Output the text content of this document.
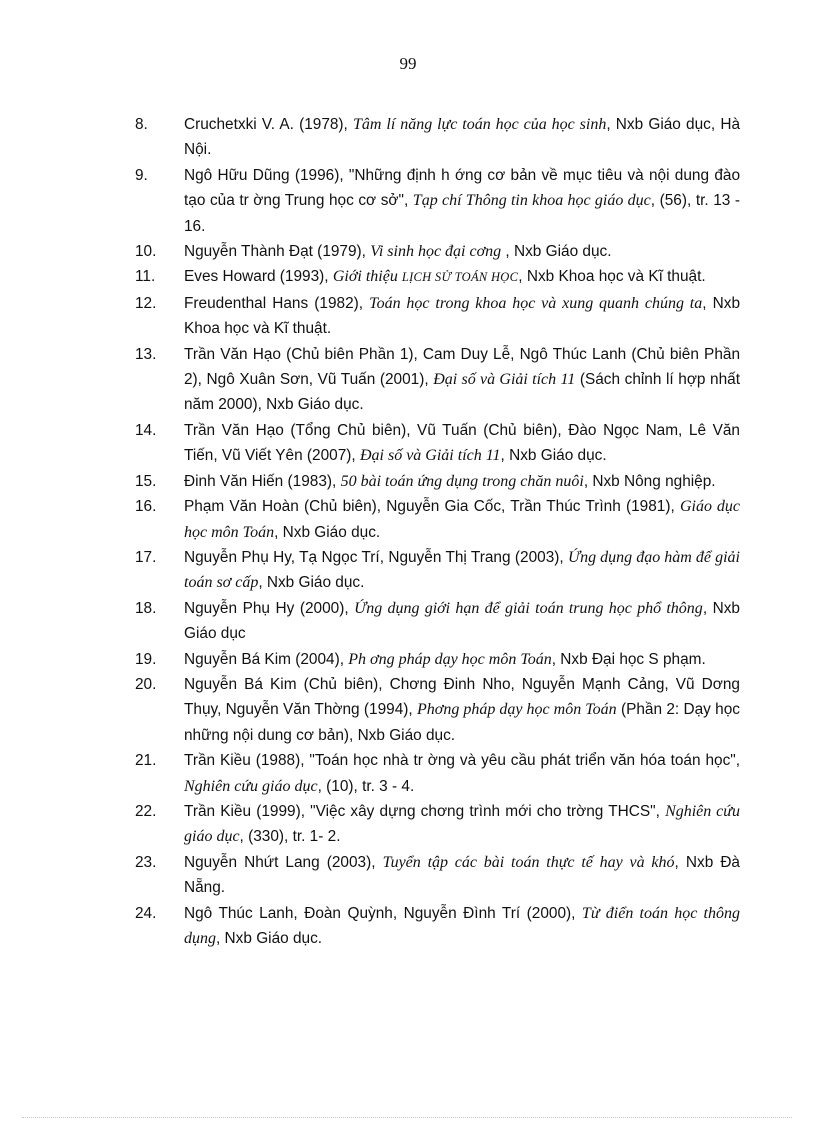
99

8. Cruchetxki V. A. (1978), Tâm lí năng lực toán học của học sinh, Nxb Giáo dục, Hà Nội.

9. Ngô Hữu Dũng (1996), "Những định h ớng cơ bản về mục tiêu và nội dung đào tạo của tr ờng Trung học cơ sở", Tạp chí Thông tin khoa học giáo dục, (56), tr. 13 - 16.

10. Nguyễn Thành Đạt (1979), Vi sinh học đại cơng , Nxb Giáo dục.

11. Eves Howard (1993), Giới thiệu LỊCH SỬ TOÁN HỌC, Nxb Khoa học và Kĩ thuật.

12. Freudenthal Hans (1982), Toán học trong khoa học và xung quanh chúng ta, Nxb Khoa học và Kĩ thuật.

13. Trần Văn Hạo (Chủ biên Phần 1), Cam Duy Lễ, Ngô Thúc Lanh (Chủ biên Phần 2), Ngô Xuân Sơn, Vũ Tuấn (2001), Đại số và Giải tích 11 (Sách chỉnh lí hợp nhất năm 2000), Nxb Giáo dục.

14. Trần Văn Hạo (Tổng Chủ biên), Vũ Tuấn (Chủ biên), Đào Ngọc Nam, Lê Văn Tiến, Vũ Viết Yên (2007), Đại số và Giải tích 11, Nxb Giáo dục.

15. Đinh Văn Hiến (1983), 50 bài toán ứng dụng trong chăn nuôi, Nxb Nông nghiệp.

16. Phạm Văn Hoàn (Chủ biên), Nguyễn Gia Cốc, Trần Thúc Trình (1981), Giáo dục học môn Toán, Nxb Giáo dục.

17. Nguyễn Phụ Hy, Tạ Ngọc Trí, Nguyễn Thị Trang (2003), Ứng dụng đạo hàm để giải toán sơ cấp, Nxb Giáo dục.

18. Nguyễn Phụ Hy (2000), Ứng dụng giới hạn để giải toán trung học phổ thông, Nxb Giáo dục

19. Nguyễn Bá Kim (2004), Ph ơng pháp dạy học môn Toán, Nxb Đại học S phạm.

20. Nguyễn Bá Kim (Chủ biên), Chơng Đinh Nho, Nguyễn Mạnh Cảng, Vũ Dơng Thụy, Nguyễn Văn Thờng (1994), Phơng pháp dạy học môn Toán (Phần 2: Dạy học những nội dung cơ bản), Nxb Giáo dục.

21. Trần Kiều (1988), "Toán học nhà tr ờng và yêu cầu phát triển văn hóa toán học", Nghiên cứu giáo dục, (10), tr. 3 - 4.

22. Trần Kiều (1999), "Việc xây dựng chơng trình mới cho trờng THCS", Nghiên cứu giáo dục, (330), tr. 1- 2.

23. Nguyễn Nhứt Lang (2003), Tuyển tập các bài toán thực tế hay và khó, Nxb Đà Nẵng.

24. Ngô Thúc Lanh, Đoàn Quỳnh, Nguyễn Đình Trí (2000), Từ điển toán học thông dụng, Nxb Giáo dục.
